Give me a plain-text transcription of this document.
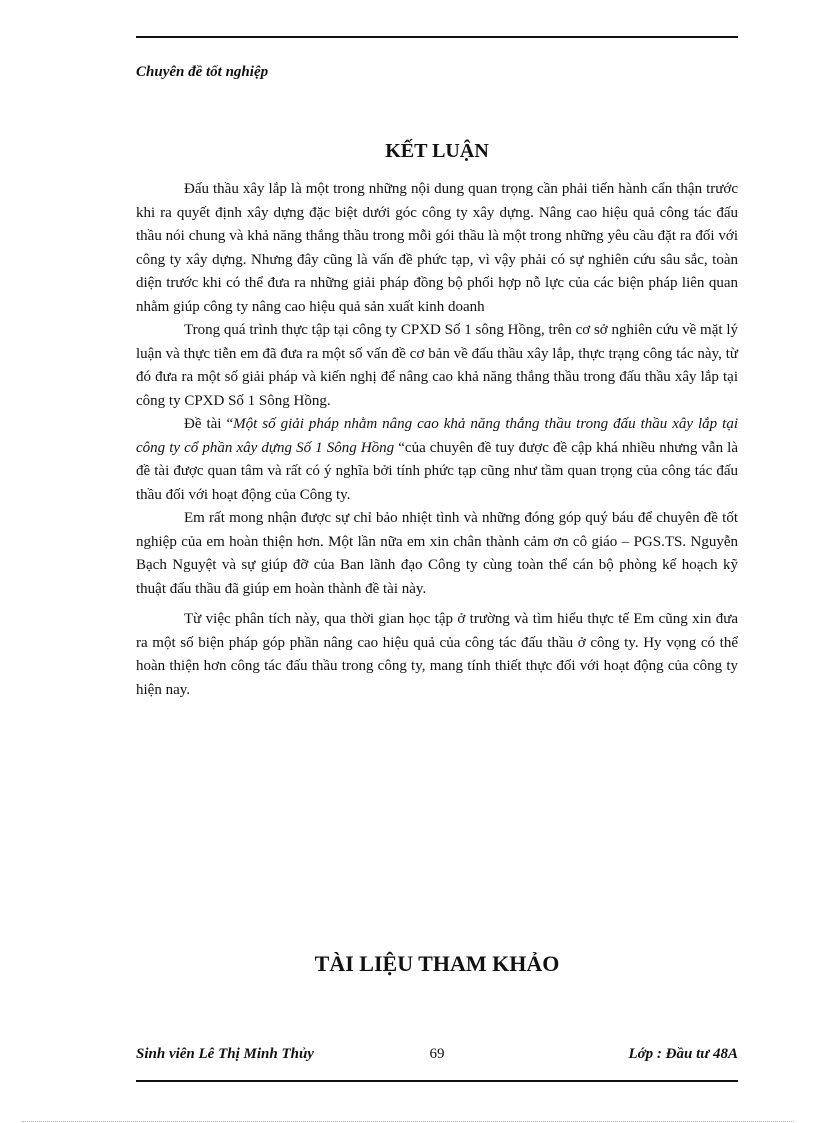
Chuyên đề tốt nghiệp
KẾT LUẬN

Đấu thầu xây lắp là một trong những nội dung quan trọng cần phải tiến hành cẩn thận trước khi ra quyết định xây dựng đặc biệt dưới góc công ty xây dựng. Nâng cao hiệu quả công tác đấu thầu nói chung và khả năng thắng thầu trong mỗi gói thầu là một trong những yêu cầu đặt ra đối với công ty xây dựng. Nhưng đây cũng là vấn đề phức tạp, vì vậy phải có sự nghiên cứu sâu sắc, toàn diện trước khi có thể đưa ra những giải pháp đồng bộ phối hợp nỗ lực của các biện pháp liên quan nhằm giúp công ty nâng cao hiệu quả sản xuất kinh doanh

Trong quá trình thực tập tại công ty CPXD Số 1 sông Hồng, trên cơ sở nghiên cứu về mặt lý luận và thực tiễn em đã đưa ra một số vấn đề cơ bản về đấu thầu xây lắp, thực trạng công tác này, từ đó đưa ra một số giải pháp và kiến nghị để nâng cao khả năng thắng thầu trong đấu thầu xây lắp tại công ty CPXD Số 1 Sông Hồng.

Đề tài “Một số giải pháp nhằm nâng cao khả năng thắng thầu trong đấu thầu xây lắp tại công ty cổ phần xây dựng Số 1 Sông Hồng “của chuyên đề tuy được đề cập khá nhiều nhưng vẫn là đề tài được quan tâm và rất có ý nghĩa bởi tính phức tạp cũng như tầm quan trọng của công tác đấu thầu đối với hoạt động của Công ty.

Em rất mong nhận được sự chỉ bảo nhiệt tình và những đóng góp quý báu để chuyên đề tốt nghiệp của em hoàn thiện hơn. Một lần nữa em xin chân thành cảm ơn cô giáo – PGS.TS. Nguyễn Bạch Nguyệt và sự giúp đỡ của Ban lãnh đạo Công ty cùng toàn thể cán bộ phòng kế hoạch kỹ thuật đấu thầu đã giúp em hoàn thành đề tài này.

Từ việc phân tích này, qua thời gian học tập ở trường và tìm hiểu thực tế Em cũng xin đưa ra một số biện pháp góp phần nâng cao hiệu quả của công tác đấu thầu ở công ty. Hy vọng có thể hoàn thiện hơn công tác đấu thầu trong công ty, mang tính thiết thực đối với hoạt động của công ty hiện nay.

TÀI LIỆU THAM KHẢO
69
Sinh viên Lê Thị Minh Thủy	Lớp : Đầu tư 48A
